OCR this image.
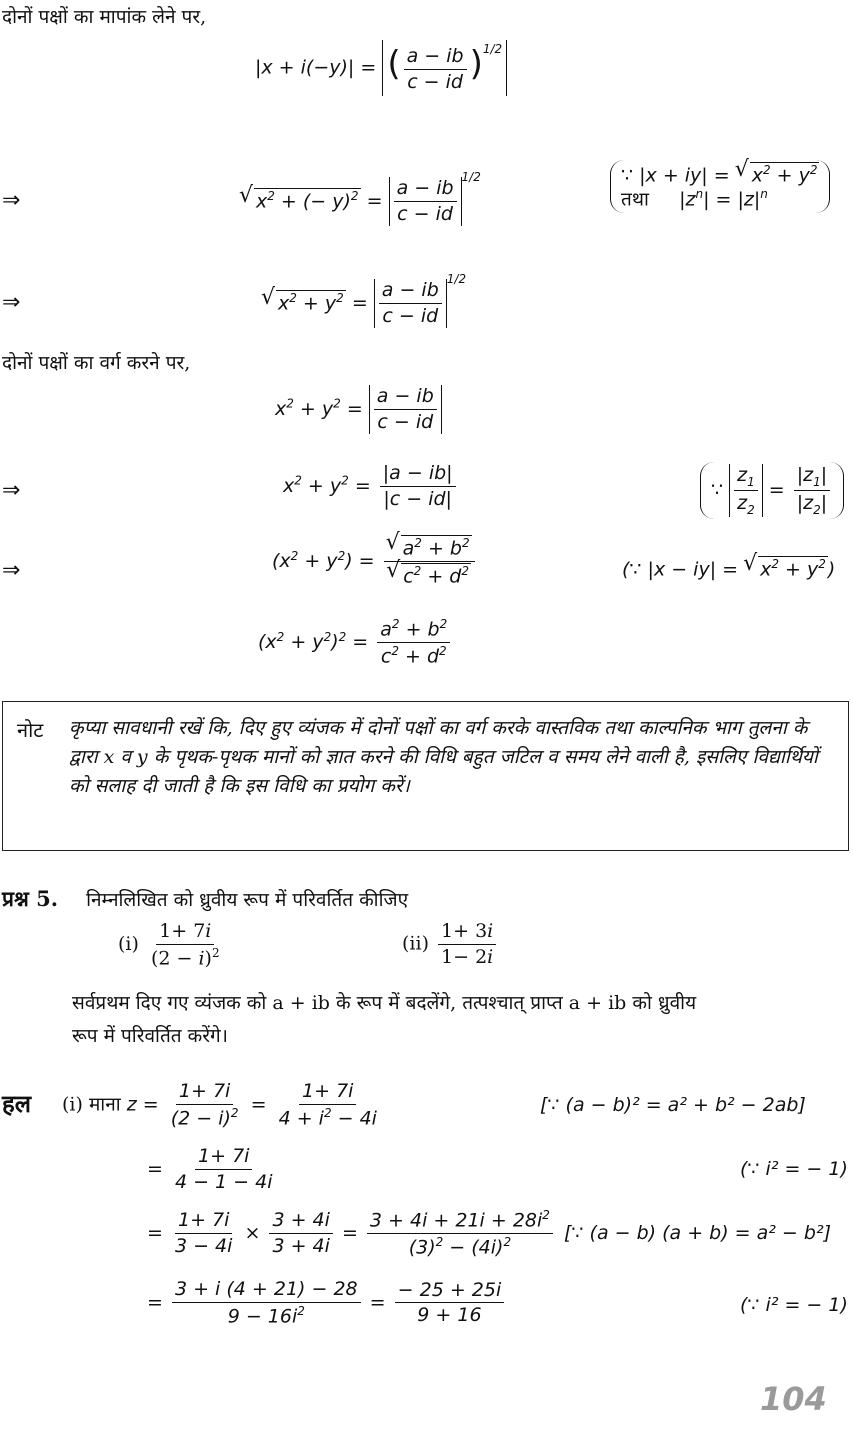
दोनों पक्षों का मापांक लेने पर,
|x + i(−y)| = ( $\frac{a - ib}{c - id} )^{1/2}$
⇒	√ $x^2$ + (− $y)^2 = \frac{a - ib}{c - id}$
$^{1/2}$	∵ |x + iy| = √ $x^2 + y^2$
तथा     $|z^n| = |z|^n$
⇒	√ $x^2 + y^2 = \frac{a - ib}{c - id}$
$^{1/2}$
दोनों पक्षों का वर्ग करने पर,
$x^2 + y^2 = \frac{a - ib}{c - id}$
⇒	$x^2 + y^2 = \frac{|a - ib|}{|c - id|}$	∵ $\frac{z_1}{z_2} = \frac{|z_1|}{|z_2|}$
⇒	$(x^2 + y^2)$ = √ $a^2 + b^2$
√ $c^2 + d^2$	(∵ |x − iy| = √ $x^2 + y^2$ )
$(x^2 + y^2)^2 = \frac{a^2 + b^2}{c^2 + d^2}$
नोट कृप्या सावधानी रखें कि, दिए हुए व्यंजक में दोनों पक्षों का वर्ग करके वास्तविक तथा काल्पनिक भाग तुलना के द्वारा x व y के पृथक-पृथक मानों को ज्ञात करने की विधि बहुत जटिल व समय लेने वाली है, इसलिए विद्यार्थियों को सलाह दी जाती है कि इस विधि का प्रयोग करें।
प्रश्न 5. निम्नलिखित को ध्रुवीय रूप में परिवर्तित कीजिए
$(i) \frac{1+ 7i}{(2 - i)^2}$	$(ii) \frac{1+ 3i}{1- 2i}$
सर्वप्रथम दिए गए व्यंजक को a + ib के रूप में बदलेंगे, तत्पश्चात् प्राप्त a + ib को ध्रुवीय
रूप में परिवर्तित करेंगे।
हल (i) माना $z = \frac{1+ 7i}{(2 - i)^2} = \frac{1+ 7i}{4 + i^2 - 4i}$	[∵ (a − b)² = a² + b² − 2ab]
= $\frac{1+ 7i}{4 - 1 - 4i}$	(∵ i² = − 1)
= $\frac{1+ 7i}{3 - 4i} \times \frac{3 + 4i}{3 + 4i} = \frac{3 + 4i + 21i + 28i^2}{(3)^2 - (4i)^2}$ [∵ (a − b) (a + b) = a² − b²]
= $\frac{3 + i (4 + 21) - 28}{9 - 16i^2} = \frac{- 25 + 25i}{9 + 16}$	(∵ i² = − 1)
104
